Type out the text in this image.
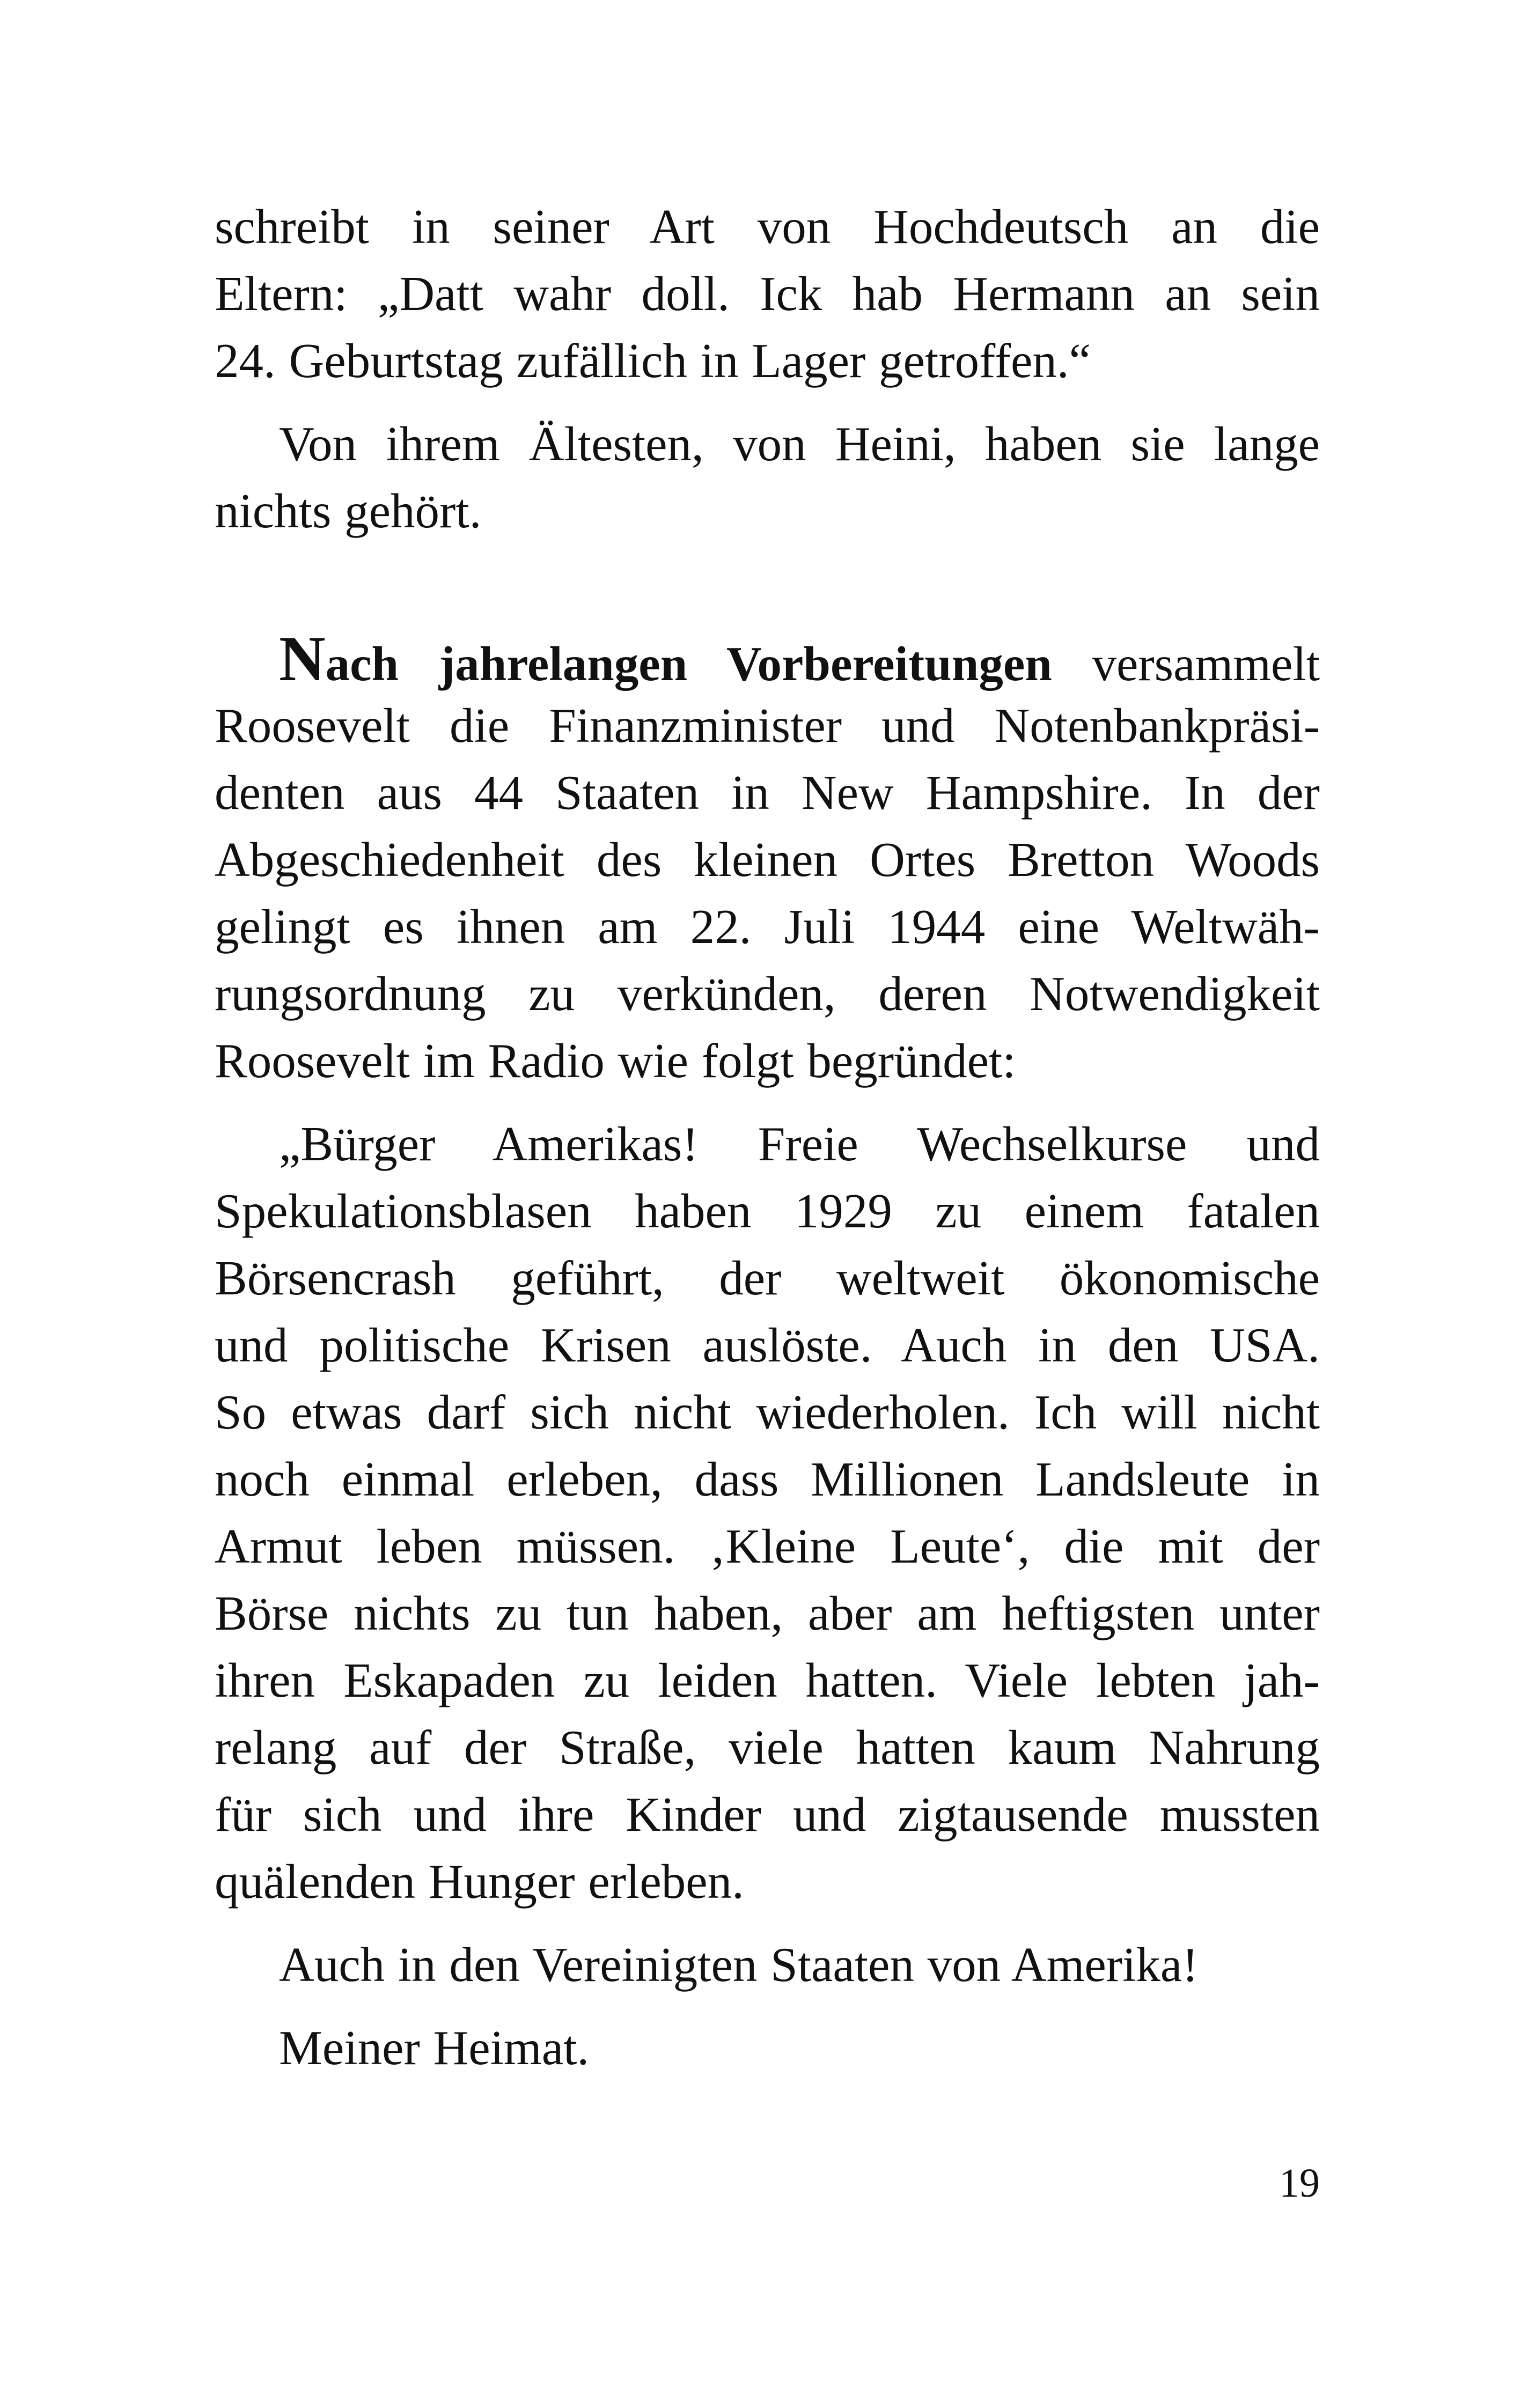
schreibt in seiner Art von Hochdeutsch an die
Eltern: „Datt wahr doll. Ick hab Hermann an sein
24. Geburtstag zufällich in Lager getroffen.“
Von ihrem Ältesten, von Heini, haben sie lange
nichts gehört.
Nach jahrelangen Vorbereitungen versammelt
Roosevelt die Finanzminister und Notenbankpräsi-
denten aus 44 Staaten in New Hampshire. In der
Abgeschiedenheit des kleinen Ortes Bretton Woods
gelingt es ihnen am 22. Juli 1944 eine Weltwäh-
rungsordnung zu verkünden, deren Notwendigkeit
Roosevelt im Radio wie folgt begründet:
„Bürger Amerikas! Freie Wechselkurse und
Spekulationsblasen haben 1929 zu einem fatalen
Börsencrash geführt, der weltweit ökonomische
und politische Krisen auslöste. Auch in den USA.
So etwas darf sich nicht wiederholen. Ich will nicht
noch einmal erleben, dass Millionen Landsleute in
Armut leben müssen. ‚Kleine Leute‘, die mit der
Börse nichts zu tun haben, aber am heftigsten unter
ihren Eskapaden zu leiden hatten. Viele lebten jah-
relang auf der Straße, viele hatten kaum Nahrung
für sich und ihre Kinder und zigtausende mussten
quälenden Hunger erleben.
Auch in den Vereinigten Staaten von Amerika!
Meiner Heimat.
19
